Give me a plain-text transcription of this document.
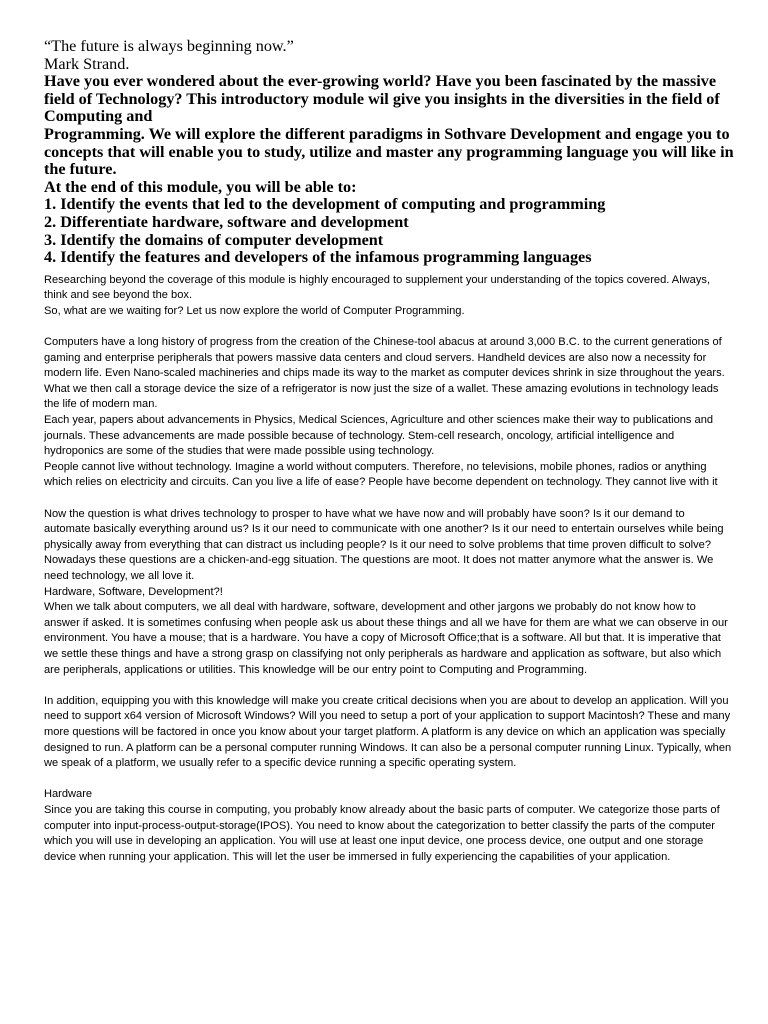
“The future is always beginning now.”

Mark Strand.

Have you ever wondered about the ever-growing world? Have you been fascinated by the massive field of Technology? This introductory module wil give you insights in the diversities in the field of Computing and

Programming. We will explore the different paradigms in Sothvare Development and engage you to concepts that will enable you to study, utilize and master any programming language you will like in the future.

At the end of this module, you will be able to:

1. Identify the events that led to the development of computing and programming

2. Differentiate hardware, software and development

3. Identify the domains of computer development

4. Identify the features and developers of the infamous programming languages

Researching beyond the coverage of this module is highly encouraged to supplement your understanding of the topics covered. Always, think and see beyond the box.

So, what are we waiting for? Let us now explore the world of Computer Programming.

Computers have a long history of progress from the creation of the Chinese-tool abacus at around 3,000 B.C. to the current generations of gaming and enterprise peripherals that powers massive data centers and cloud servers. Handheld devices are also now a necessity for modern life. Even Nano-scaled machineries and chips made its way to the market as computer devices shrink in size throughout the years. What we then call a storage device the size of a refrigerator is now just the size of a wallet. These amazing evolutions in technology leads the life of modern man.

Each year, papers about advancements in Physics, Medical Sciences, Agriculture and other sciences make their way to publications and journals. These advancements are made possible because of technology. Stem-cell research, oncology, artificial intelligence and hydroponics are some of the studies that were made possible using technology.

People cannot live without technology. Imagine a world without computers. Therefore, no televisions, mobile phones, radios or anything which relies on electricity and circuits. Can you live a life of ease? People have become dependent on technology. They cannot live with it

Now the question is what drives technology to prosper to have what we have now and will probably have soon? Is it our demand to automate basically everything around us? Is it our need to communicate with one another? Is it our need to entertain ourselves while being physically away from everything that can distract us including people? Is it our need to solve problems that time proven difficult to solve?Nowadays these questions are a chicken-and-egg situation. The questions are moot. It does not matter anymore what the answer is. We need technology, we all love it.

Hardware, Software, Development?!

When we talk about computers, we all deal with hardware, software, development and other jargons we probably do not know how to answer if asked. It is sometimes confusing when people ask us about these things and all we have for them are what we can observe in our environment. You have a mouse; that is a hardware. You have a copy of Microsoft Office;that is a software. All but that. It is imperative that we settle these things and have a strong grasp on classifying not only peripherals as hardware and application as software, but also which are peripherals, applications or utilities. This knowledge will be our entry point to Computing and Programming.

In addition, equipping you with this knowledge will make you create critical decisions when you are about to develop an application. Will you need to support x64 version of Microsoft Windows? Will you need to setup a port of your application to support Macintosh? These and many more questions will be factored in once you know about your target platform. A platform is any device on which an application was specially designed to run. A platform can be a personal computer running Windows. It can also be a personal computer running Linux. Typically, when we speak of a platform, we usually refer to a specific device running a specific operating system.

Hardware

Since you are taking this course in computing, you probably know already about the basic parts of computer. We categorize those parts of computer into input-process-output-storage(IPOS). You need to know about the categorization to better classify the parts of the computer which you will use in developing an application. You will use at least one input device, one process device, one output and one storage device when running your application. This will let the user be immersed in fully experiencing the capabilities of your application.
